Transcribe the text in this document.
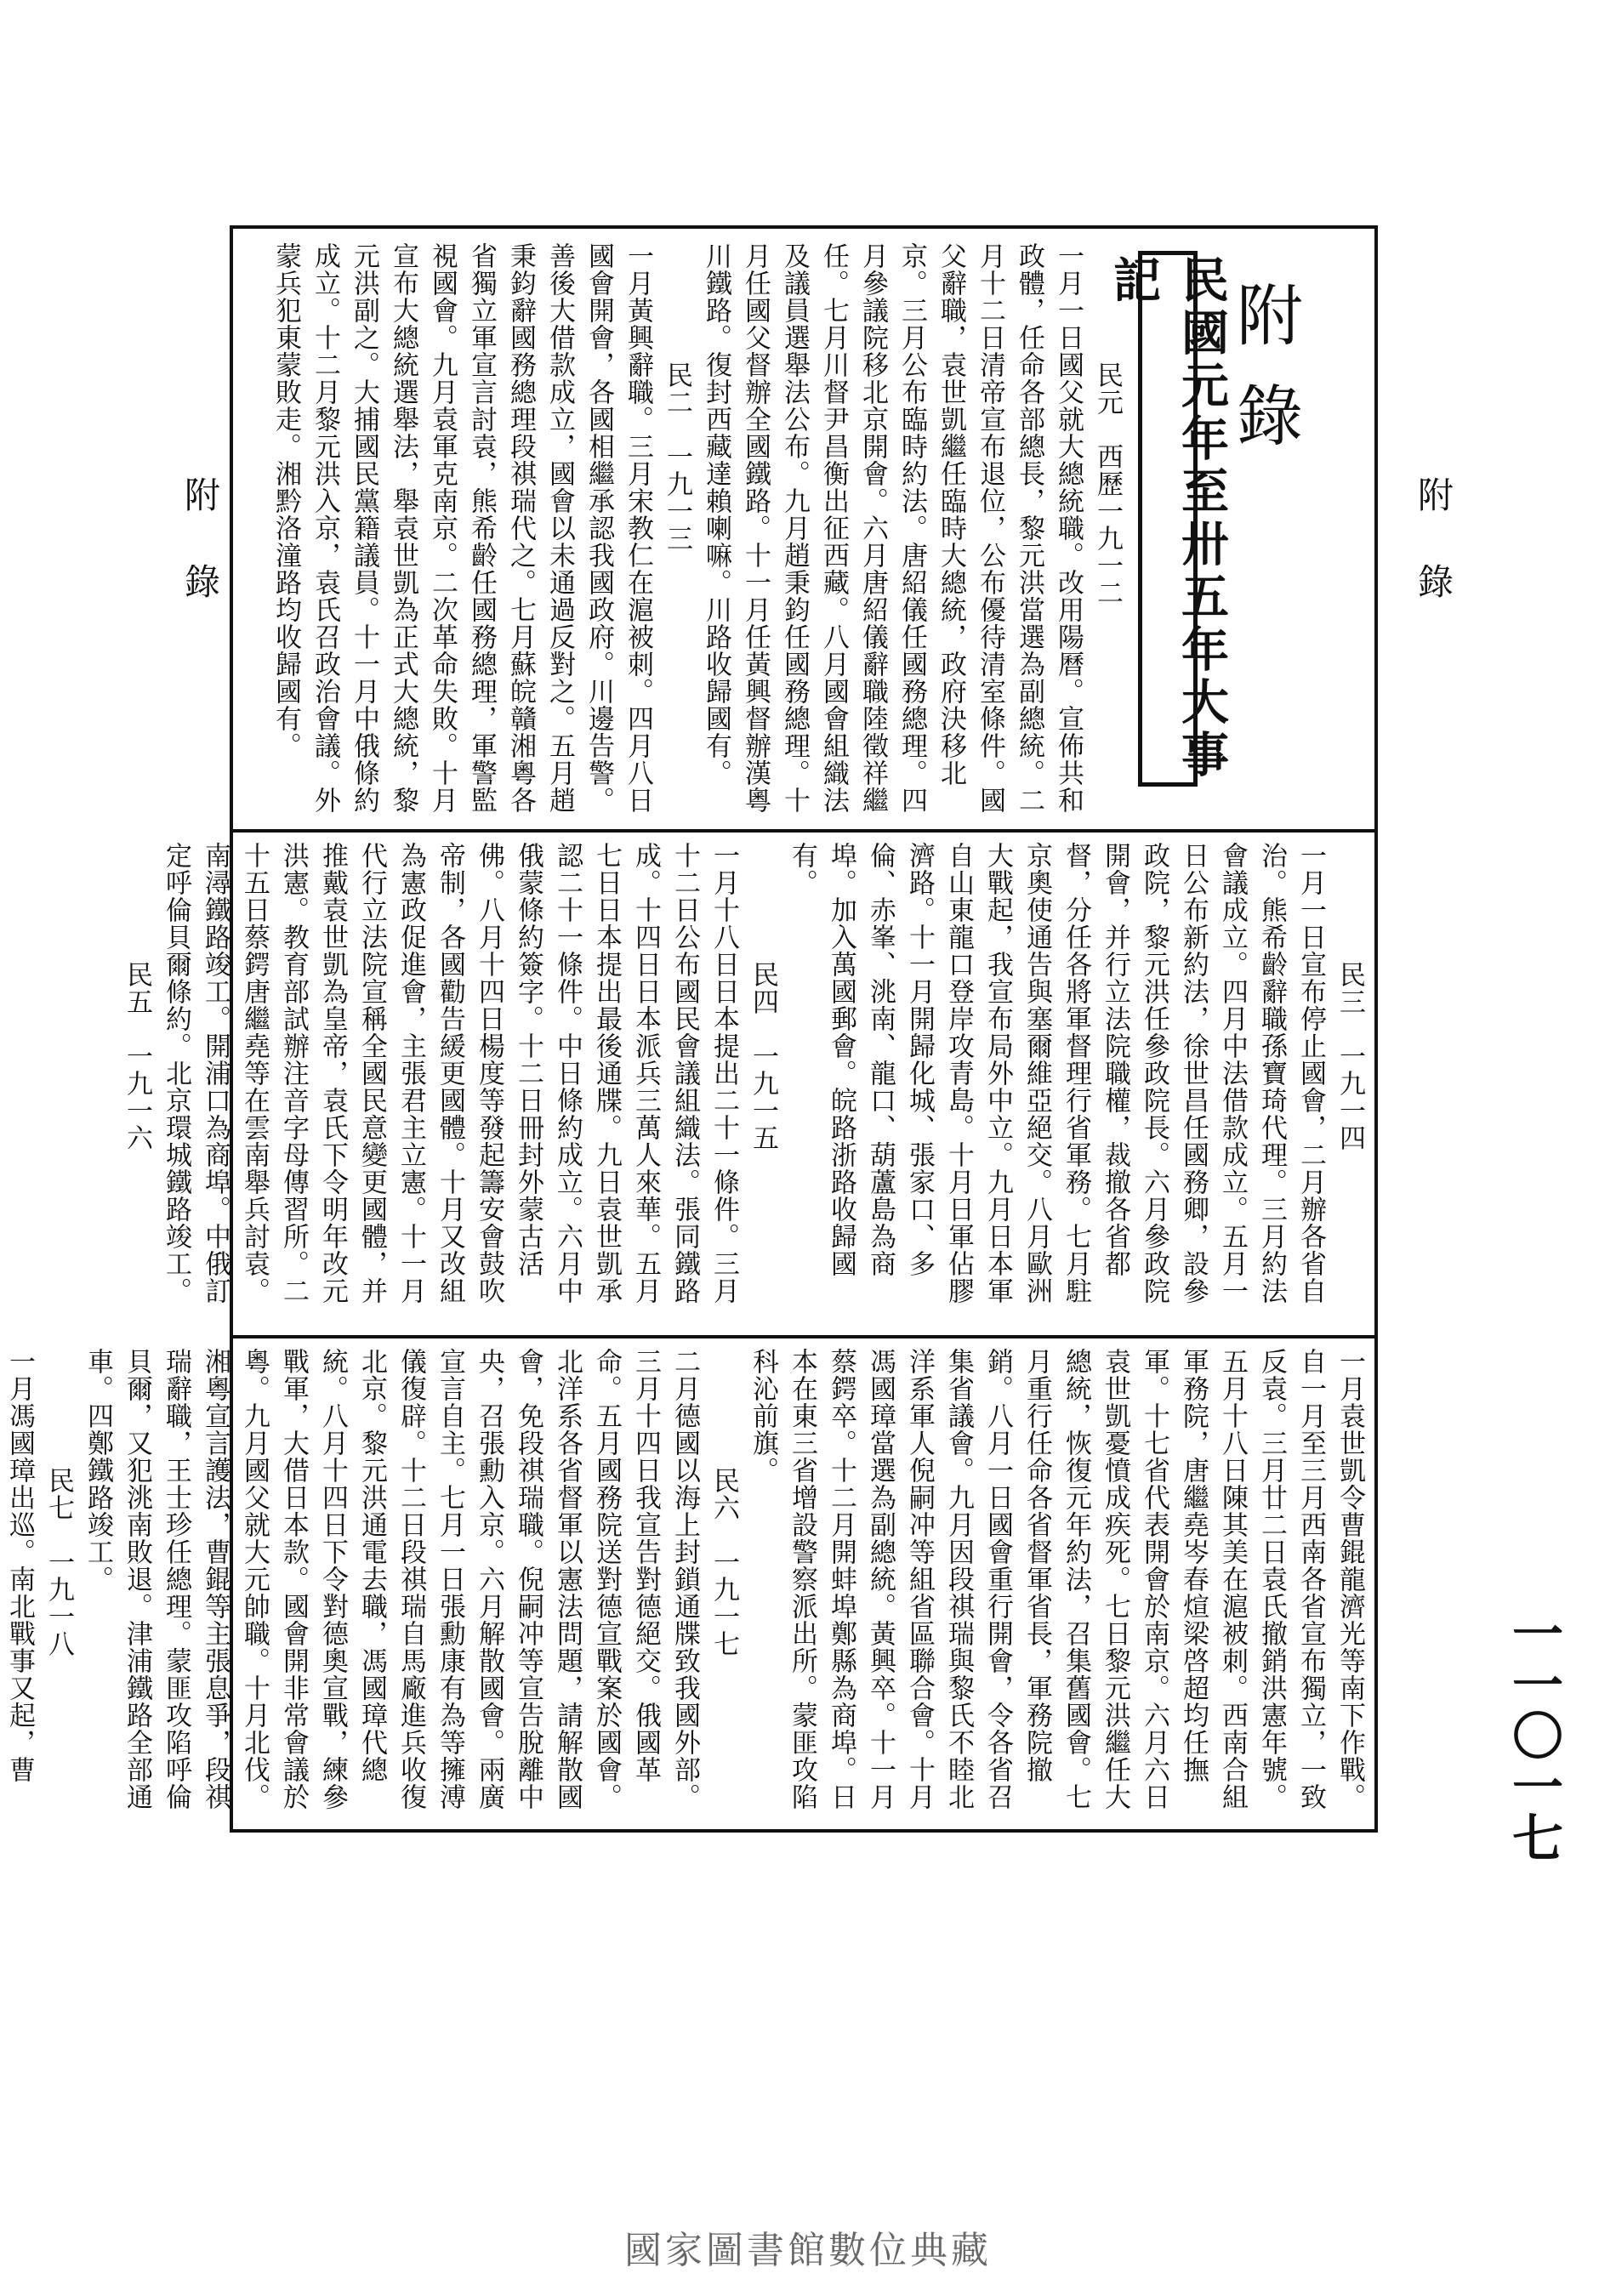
附錄
民國元年至卅五年大事記

民元　西歷一九一二

一月一日國父就大總統職。改用陽曆。宣佈共和政體，任命各部總長，黎元洪當選為副總統。二月十二日清帝宣布退位，公布優待清室條件。國父辭職，袁世凱繼任臨時大總統，政府決移北京。三月公布臨時約法。唐紹儀任國務總理。四月參議院移北京開會。六月唐紹儀辭職陸徵祥繼任。七月川督尹昌衡出征西藏。八月國會組織法及議員選舉法公布。九月趙秉鈞任國務總理。十月任國父督辦全國鐵路。十一月任黃興督辦漢粵川鐵路。復封西藏達賴喇嘛。川路收歸國有。

民二　一九一三

一月黃興辭職。三月宋教仁在滬被刺。四月八日國會開會，各國相繼承認我國政府。川邊告警。善後大借款成立，國會以未通過反對之。五月趙秉鈞辭國務總理段祺瑞代之。七月蘇皖贛湘粵各省獨立軍宣言討袁，熊希齡任國務總理，軍警監視國會。九月袁軍克南京。二次革命失敗。十月宣布大總統選舉法，舉袁世凱為正式大總統，黎元洪副之。大捕國民黨籍議員。十一月中俄條約成立。十二月黎元洪入京，袁氏召政治會議。外蒙兵犯東蒙敗走。湘黔洛潼路均收歸國有。

民三　一九一四

一月一日宣布停止國會，二月辦各省自治。熊希齡辭職孫寶琦代理。三月約法會議成立。四月中法借款成立。五月一日公布新約法，徐世昌任國務卿，設參政院，黎元洪任參政院長。六月參政院開會，并行立法院職權，裁撤各省都督，分任各將軍督理行省軍務。七月駐京奧使通告與塞爾維亞絕交。八月歐洲大戰起，我宣布局外中立。九月日本軍自山東龍口登岸攻青島。十月日軍佔膠濟路。十一月開歸化城、張家口、多倫、赤峯、洮南、龍口、葫蘆島為商埠。加入萬國郵會。皖路浙路收歸國有。

民四　一九一五

一月十八日日本提出二十一條件。三月十二日公布國民會議組織法。張同鐵路成。十四日日本派兵三萬人來華。五月七日日本提出最後通牒。九日袁世凱承認二十一條件。中日條約成立。六月中俄蒙條約簽字。十二日冊封外蒙古活佛。八月十四日楊度等發起籌安會鼓吹帝制，各國勸告緩更國體。十月又改組為憲政促進會，主張君主立憲。十一月代行立法院宣稱全國民意變更國體，并推戴袁世凱為皇帝，袁氏下令明年改元洪憲。教育部試辦注音字母傳習所。二十五日蔡鍔唐繼堯等在雲南舉兵討袁。南潯鐵路竣工。開浦口為商埠。中俄訂定呼倫貝爾條約。北京環城鐵路竣工。

民五　一九一六

一月袁世凱令曹錕龍濟光等南下作戰。自一月至三月西南各省宣布獨立，一致反袁。三月廿二日袁氏撤銷洪憲年號。五月十八日陳其美在滬被刺。西南合組軍務院，唐繼堯岑春煊梁啓超均任撫軍。十七省代表開會於南京。六月六日袁世凱憂憤成疾死。七日黎元洪繼任大總統，恢復元年約法，召集舊國會。七月重行任命各省督軍省長，軍務院撤銷。八月一日國會重行開會，令各省召集省議會。九月因段祺瑞與黎氏不睦北洋系軍人倪嗣冲等組省區聯合會。十月馮國璋當選為副總統。黃興卒。十一月蔡鍔卒。十二月開蚌埠鄭縣為商埠。日本在東三省增設警察派出所。蒙匪攻陷科沁前旗。

民六　一九一七

二月德國以海上封鎖通牒致我國外部。三月十四日我宣告對德絕交。俄國革命。五月國務院送對德宣戰案於國會。北洋系各省督軍以憲法問題，請解散國會，免段祺瑞職。倪嗣冲等宣告脫離中央，召張勳入京。六月解散國會。兩廣宣言自主。七月一日張勳康有為等擁溥儀復辟。十二日段祺瑞自馬廠進兵收復北京。黎元洪通電去職，馮國璋代總統。八月十四日下令對德奧宣戰，練參戰軍，大借日本款。國會開非常會議於粵。九月國父就大元帥職。十月北伐。湘粵宣言護法，曹錕等主張息爭，段祺瑞辭職，王士珍任總理。蒙匪攻陷呼倫貝爾，又犯洮南敗退。津浦鐵路全部通車。四鄭鐵路竣工。

民七　一九一八

一月馮國璋出巡。南北戰事又起，曹

附錄	附錄
一一〇一七
國家圖書館數位典藏
